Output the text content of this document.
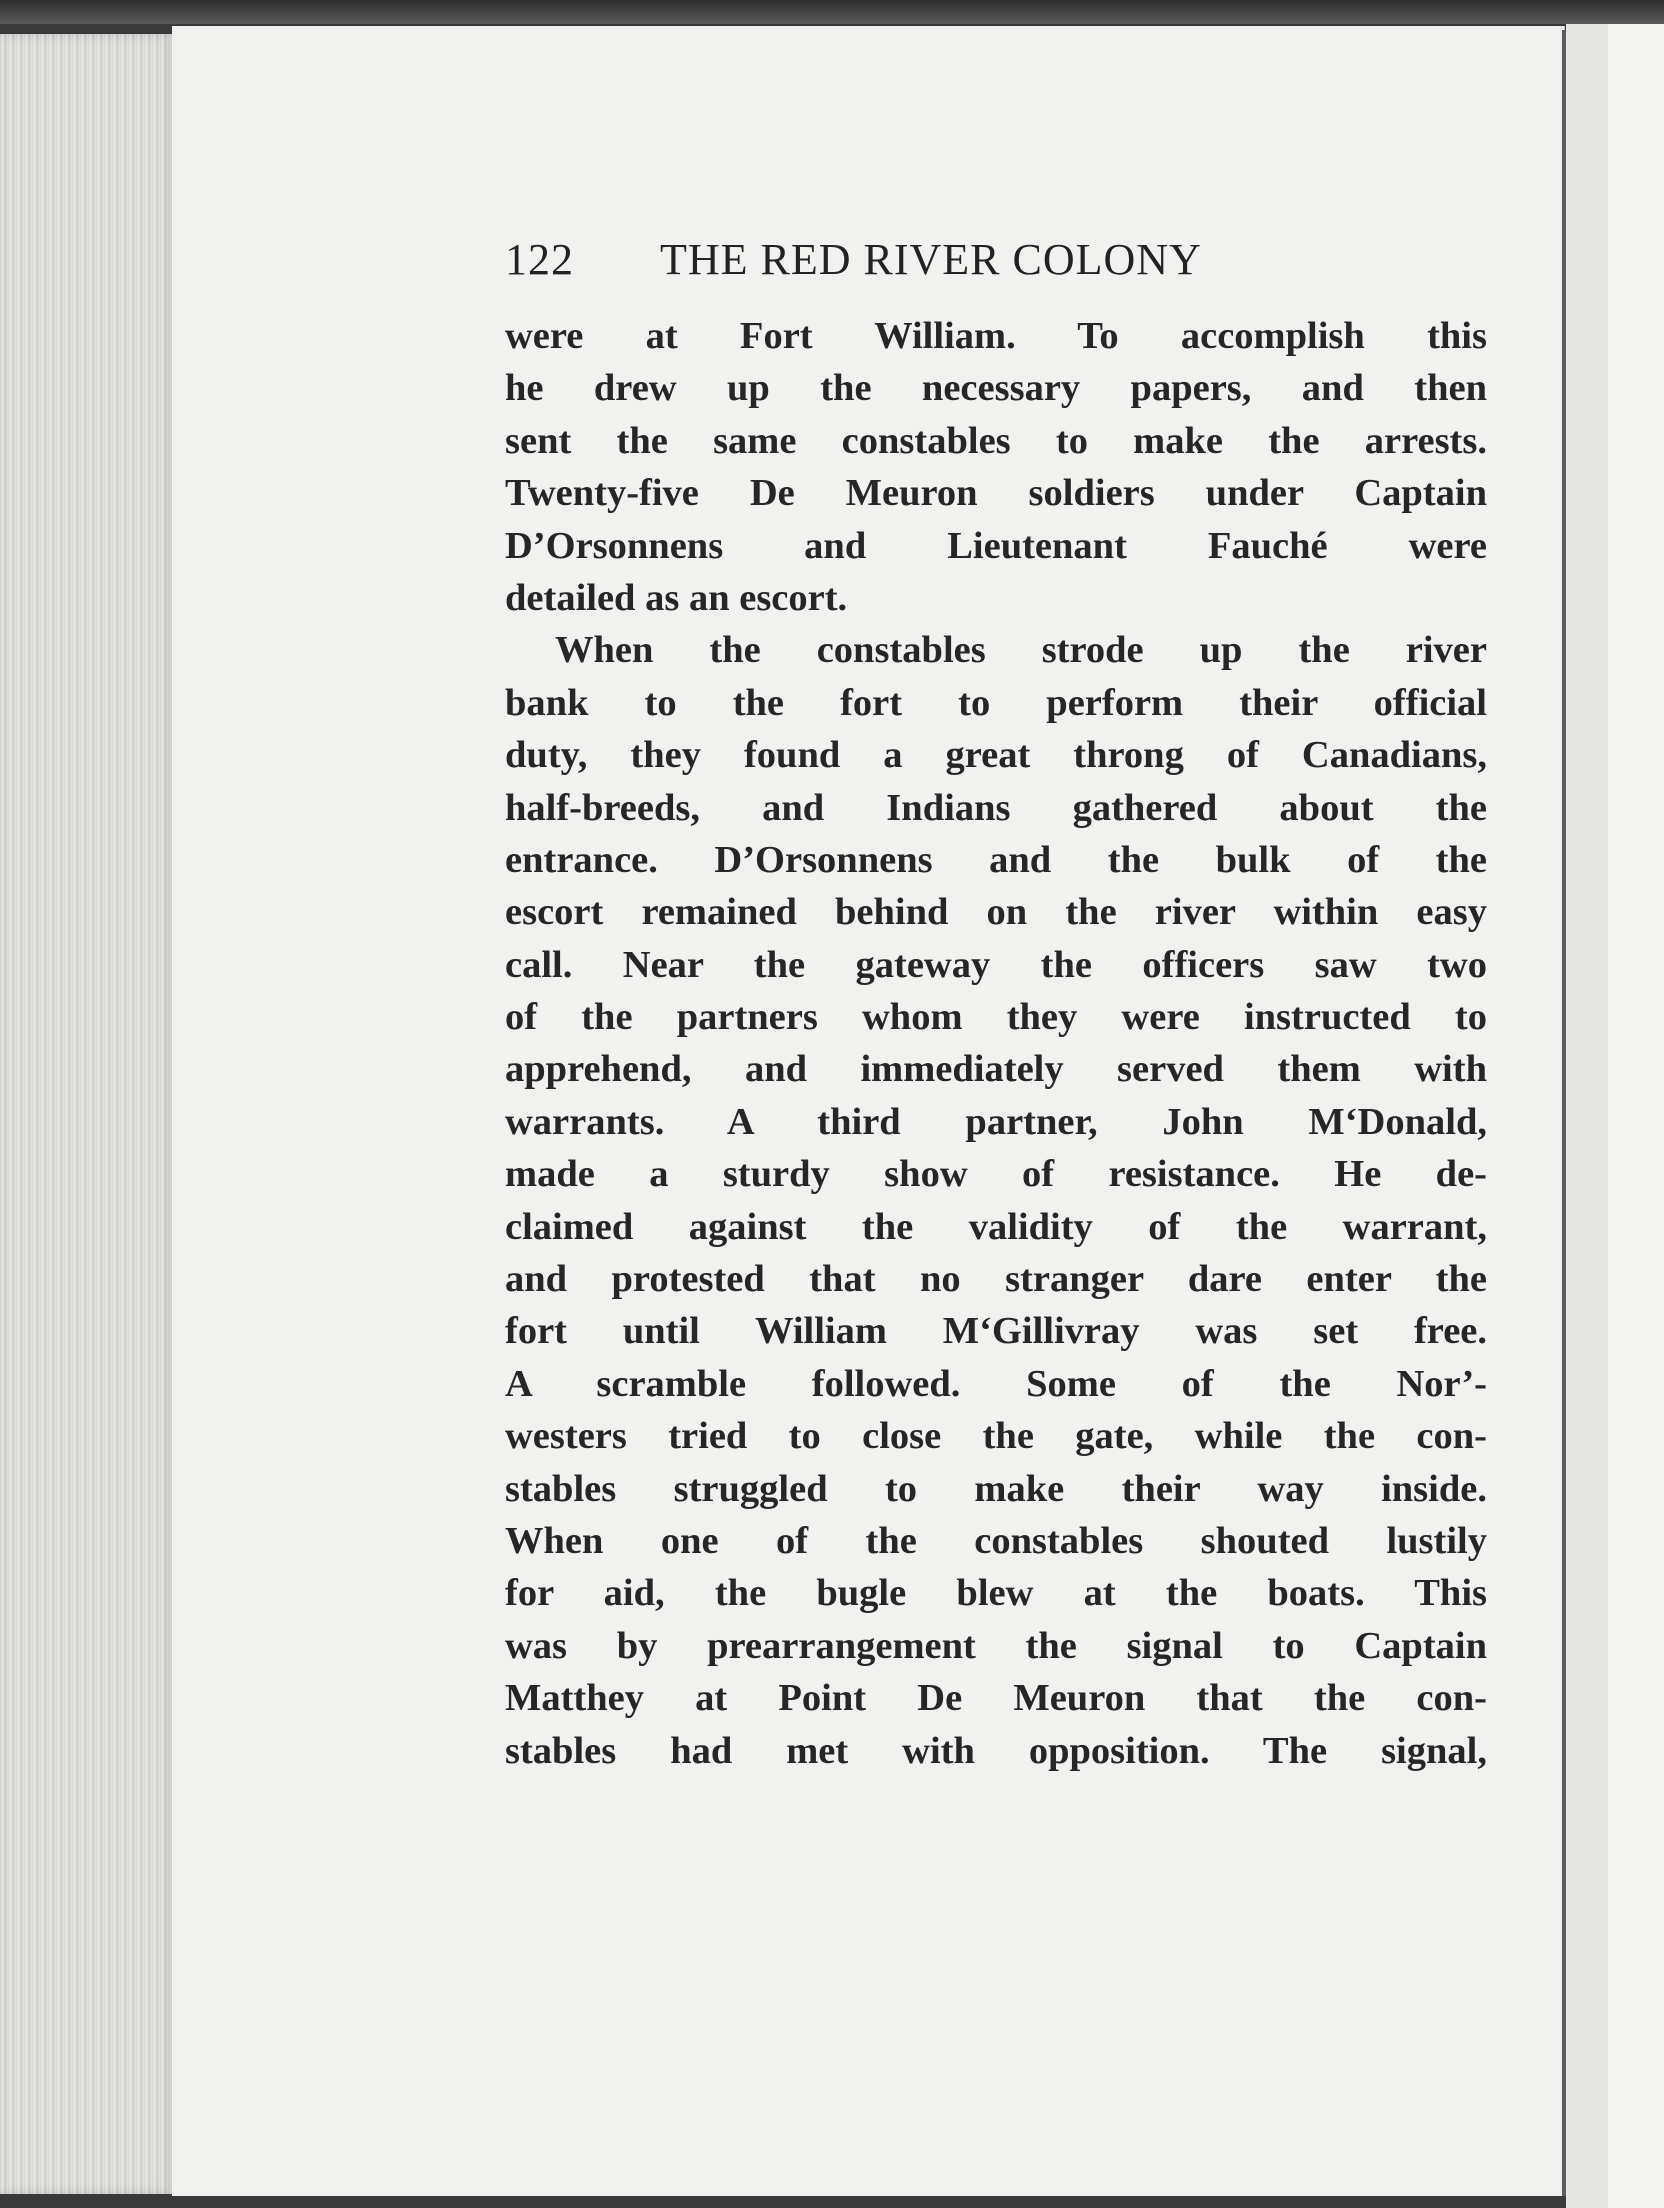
122 THE RED RIVER COLONY
were at Fort William. To accomplish this
he drew up the necessary papers, and then
sent the same constables to make the arrests.
Twenty-five De Meuron soldiers under Captain
D’Orsonnens and Lieutenant Fauché were
detailed as an escort.
When the constables strode up the river
bank to the fort to perform their official
duty, they found a great throng of Canadians,
half-breeds, and Indians gathered about the
entrance. D’Orsonnens and the bulk of the
escort remained behind on the river within easy
call. Near the gateway the officers saw two
of the partners whom they were instructed to
apprehend, and immediately served them with
warrants. A third partner, John M‘Donald,
made a sturdy show of resistance. He de-
claimed against the validity of the warrant,
and protested that no stranger dare enter the
fort until William M‘Gillivray was set free.
A scramble followed. Some of the Nor’-
westers tried to close the gate, while the con-
stables struggled to make their way inside.
When one of the constables shouted lustily
for aid, the bugle blew at the boats. This
was by prearrangement the signal to Captain
Matthey at Point De Meuron that the con-
stables had met with opposition. The signal,
